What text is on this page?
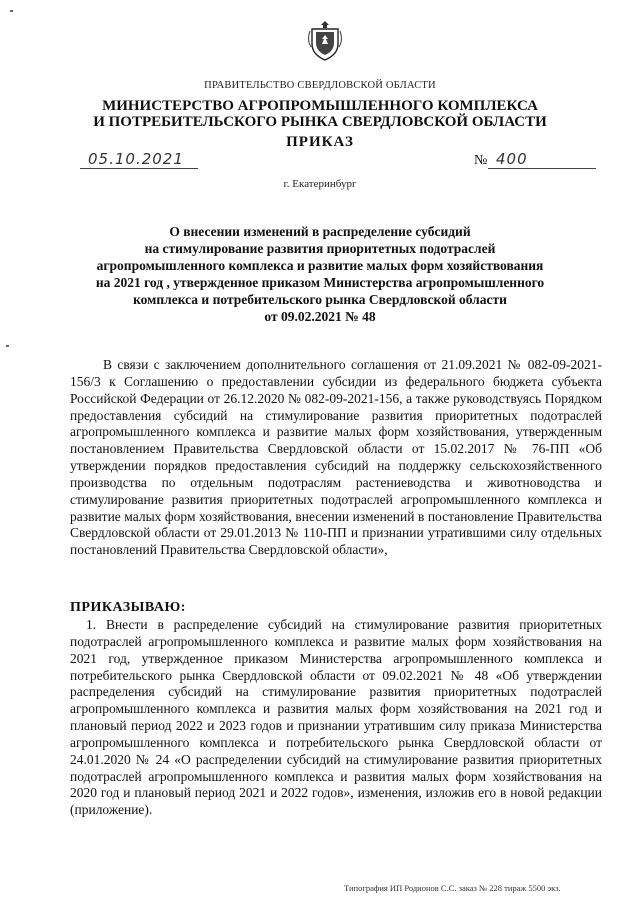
ПРАВИТЕЛЬСТВО СВЕРДЛОВСКОЙ ОБЛАСТИ
МИНИСТЕРСТВО АГРОПРОМЫШЛЕННОГО КОМПЛЕКСА
И ПОТРЕБИТЕЛЬСКОГО РЫНКА СВЕРДЛОВСКОЙ ОБЛАСТИ
ПРИКАЗ
05.10.2021	№ 400
г. Екатеринбург
О внесении изменений в распределение субсидий
на стимулирование развития приоритетных подотраслей
агропромышленного комплекса и развитие малых форм хозяйствования
на 2021 год , утвержденное приказом Министерства агропромышленного
комплекса и потребительского рынка Свердловской области
от 09.02.2021 № 48
В связи с заключением дополнительного соглашения от 21.09.2021 № 082-09-2021-156/3 к Соглашению о предоставлении субсидии из федерального бюджета субъекта Российской Федерации от 26.12.2020 № 082-09-2021-156, а также руководствуясь Порядком предоставления субсидий на стимулирование развития приоритетных подотраслей агропромышленного комплекса и развитие малых форм хозяйствования, утвержденным постановлением Правительства Свердловской области от 15.02.2017 № 76-ПП «Об утверждении порядков предоставления субсидий на поддержку сельскохозяйственного производства по отдельным подотраслям растениеводства и животноводства и стимулирование развития приоритетных подотраслей агропромышленного комплекса и развитие малых форм хозяйствования, внесении изменений в постановление Правительства Свердловской области от 29.01.2013 № 110-ПП и признании утратившими силу отдельных постановлений Правительства Свердловской области»,
ПРИКАЗЫВАЮ:
1. Внести в распределение субсидий на стимулирование развития приоритетных подотраслей агропромышленного комплекса и развитие малых форм хозяйствования на 2021 год, утвержденное приказом Министерства агропромышленного комплекса и потребительского рынка Свердловской области от 09.02.2021 № 48 «Об утверждении распределения субсидий на стимулирование развития приоритетных подотраслей агропромышленного комплекса и развития малых форм хозяйствования на 2021 год и плановый период 2022 и 2023 годов и признании утратившим силу приказа Министерства агропромышленного комплекса и потребительского рынка Свердловской области от 24.01.2020 № 24 «О распределении субсидий на стимулирование развития приоритетных подотраслей агропромышленного комплекса и развития малых форм хозяйствования на 2020 год и плановый период 2021 и 2022 годов», изменения, изложив его в новой редакции (приложение).
Типография ИП Родионов С.С. заказ № 228 тираж 5500 экз.
